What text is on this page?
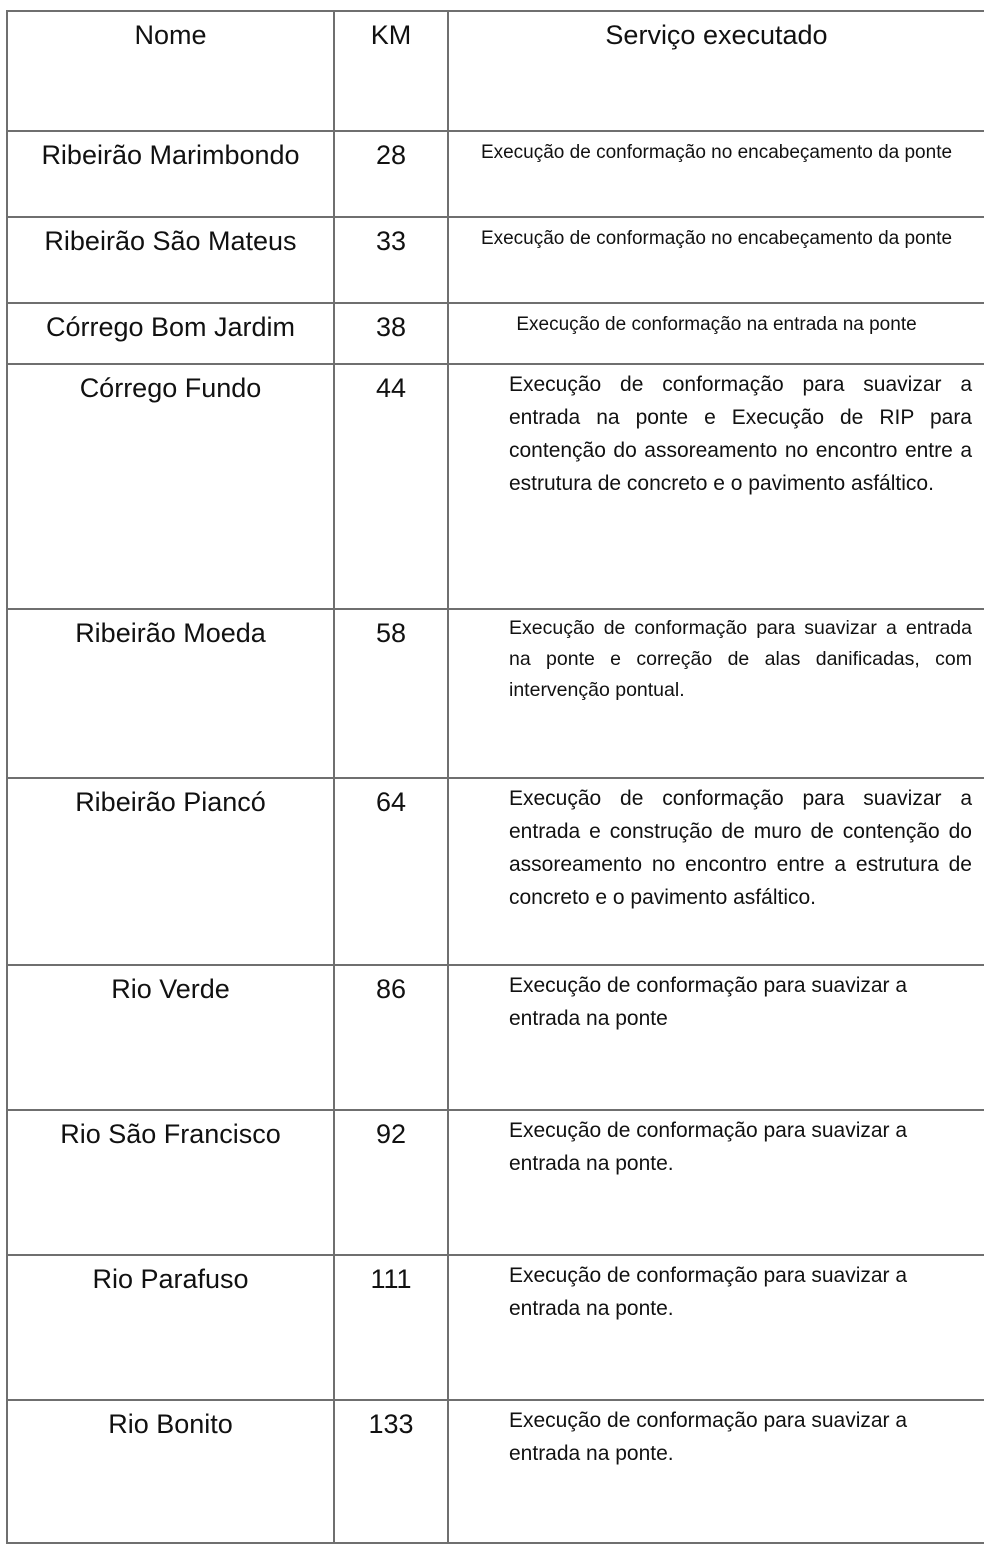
Nome	KM	Serviço executado

Ribeirão Marimbondo	28	Execução de conformação no encabeçamento da ponte

Ribeirão São Mateus	33	Execução de conformação no encabeçamento da ponte

Córrego Bom Jardim	38	Execução de conformação na entrada na ponte

Córrego Fundo	44	Execução de conformação para suavizar a entrada na ponte e Execução de RIP para contenção do assoreamento no encontro entre a estrutura de concreto e o pavimento asfáltico.

Ribeirão Moeda	58	Execução de conformação para suavizar a entrada na ponte e correção de alas danificadas, com intervenção pontual.

Ribeirão Piancó	64	Execução de conformação para suavizar a entrada e construção de muro de contenção do assoreamento no encontro entre a estrutura de concreto e o pavimento asfáltico.

Rio Verde	86	Execução de conformação para suavizar a entrada na ponte

Rio São Francisco	92	Execução de conformação para suavizar a entrada na ponte.

Rio Parafuso	111	Execução de conformação para suavizar a entrada na ponte.

Rio Bonito	133	Execução de conformação para suavizar a entrada na ponte.
